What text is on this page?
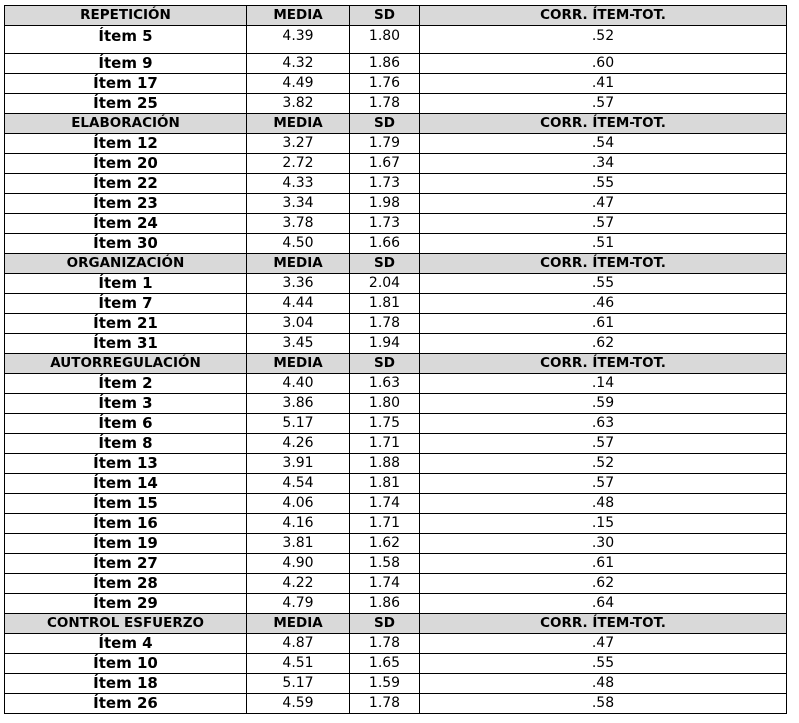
REPETICIÓN	MEDIA	SD	CORR. ÍTEM-TOT.
Ítem 5	4.39	1.80	.52
Ítem 9	4.32	1.86	.60
Ítem 17	4.49	1.76	.41
Ítem 25	3.82	1.78	.57
ELABORACIÓN	MEDIA	SD	CORR. ÍTEM-TOT.
Ítem 12	3.27	1.79	.54
Ítem 20	2.72	1.67	.34
Ítem 22	4.33	1.73	.55
Ítem 23	3.34	1.98	.47
Ítem 24	3.78	1.73	.57
Ítem 30	4.50	1.66	.51
ORGANIZACIÓN	MEDIA	SD	CORR. ÍTEM-TOT.
Ítem 1	3.36	2.04	.55
Ítem 7	4.44	1.81	.46
Ítem 21	3.04	1.78	.61
Ítem 31	3.45	1.94	.62
AUTORREGULACIÓN	MEDIA	SD	CORR. ÍTEM-TOT.
Ítem 2	4.40	1.63	.14
Ítem 3	3.86	1.80	.59
Ítem 6	5.17	1.75	.63
Ítem 8	4.26	1.71	.57
Ítem 13	3.91	1.88	.52
Ítem 14	4.54	1.81	.57
Ítem 15	4.06	1.74	.48
Ítem 16	4.16	1.71	.15
Ítem 19	3.81	1.62	.30
Ítem 27	4.90	1.58	.61
Ítem 28	4.22	1.74	.62
Ítem 29	4.79	1.86	.64
CONTROL ESFUERZO	MEDIA	SD	CORR. ÍTEM-TOT.
Ítem 4	4.87	1.78	.47
Ítem 10	4.51	1.65	.55
Ítem 18	5.17	1.59	.48
Ítem 26	4.59	1.78	.58
